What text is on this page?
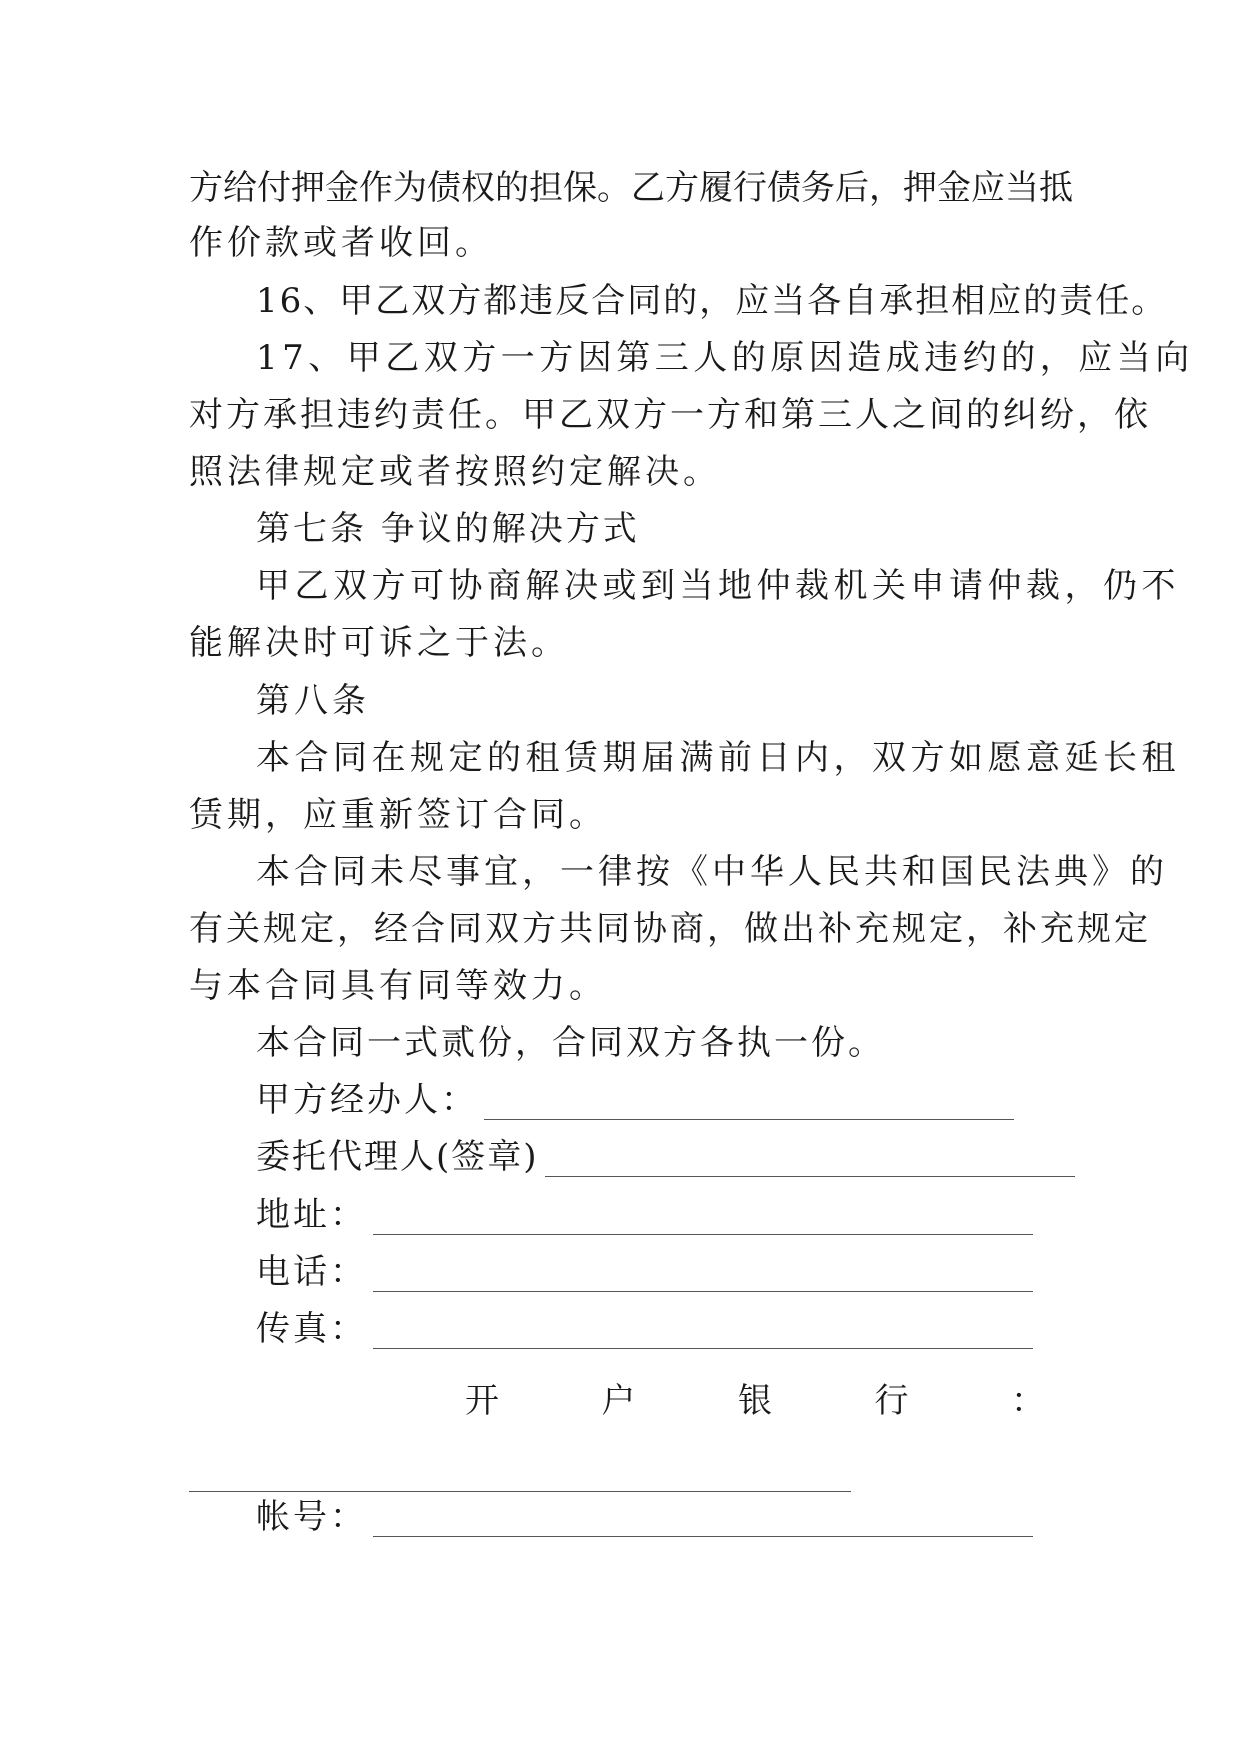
方 给 付 押 金 作 为 债 权 的 担 保 。 乙 方 履 行 债 务 后 ， 押 金 应 当 抵
作价款或者收回。
16、甲乙双方都违反合同的，应当各自承担相应的责任。
17、甲乙双方一方因第三人的原因造成违约的，应当向
对方承担违约责任。甲乙双方一方和第三人之间的纠纷，依
照法律规定或者按照约定解决。
第七条 争议的解决方式
甲乙双方可协商解决或到当地仲裁机关申请仲裁，仍不
能解决时可诉之于法。
第八条
本合同在规定的租赁期届满前日内，双方如愿意延长租
赁期，应重新签订合同。
本合同未尽事宜，一律按《中华人民共和国民法典》的
有关规定，经合同双方共同协商，做出补充规定，补充规定
与本合同具有同等效力。
本合同一式贰份，合同双方各执一份。
甲方经办人：
委托代理人(签章)
地址：
电话：
传真：
开	户	银	行	：
帐号：
